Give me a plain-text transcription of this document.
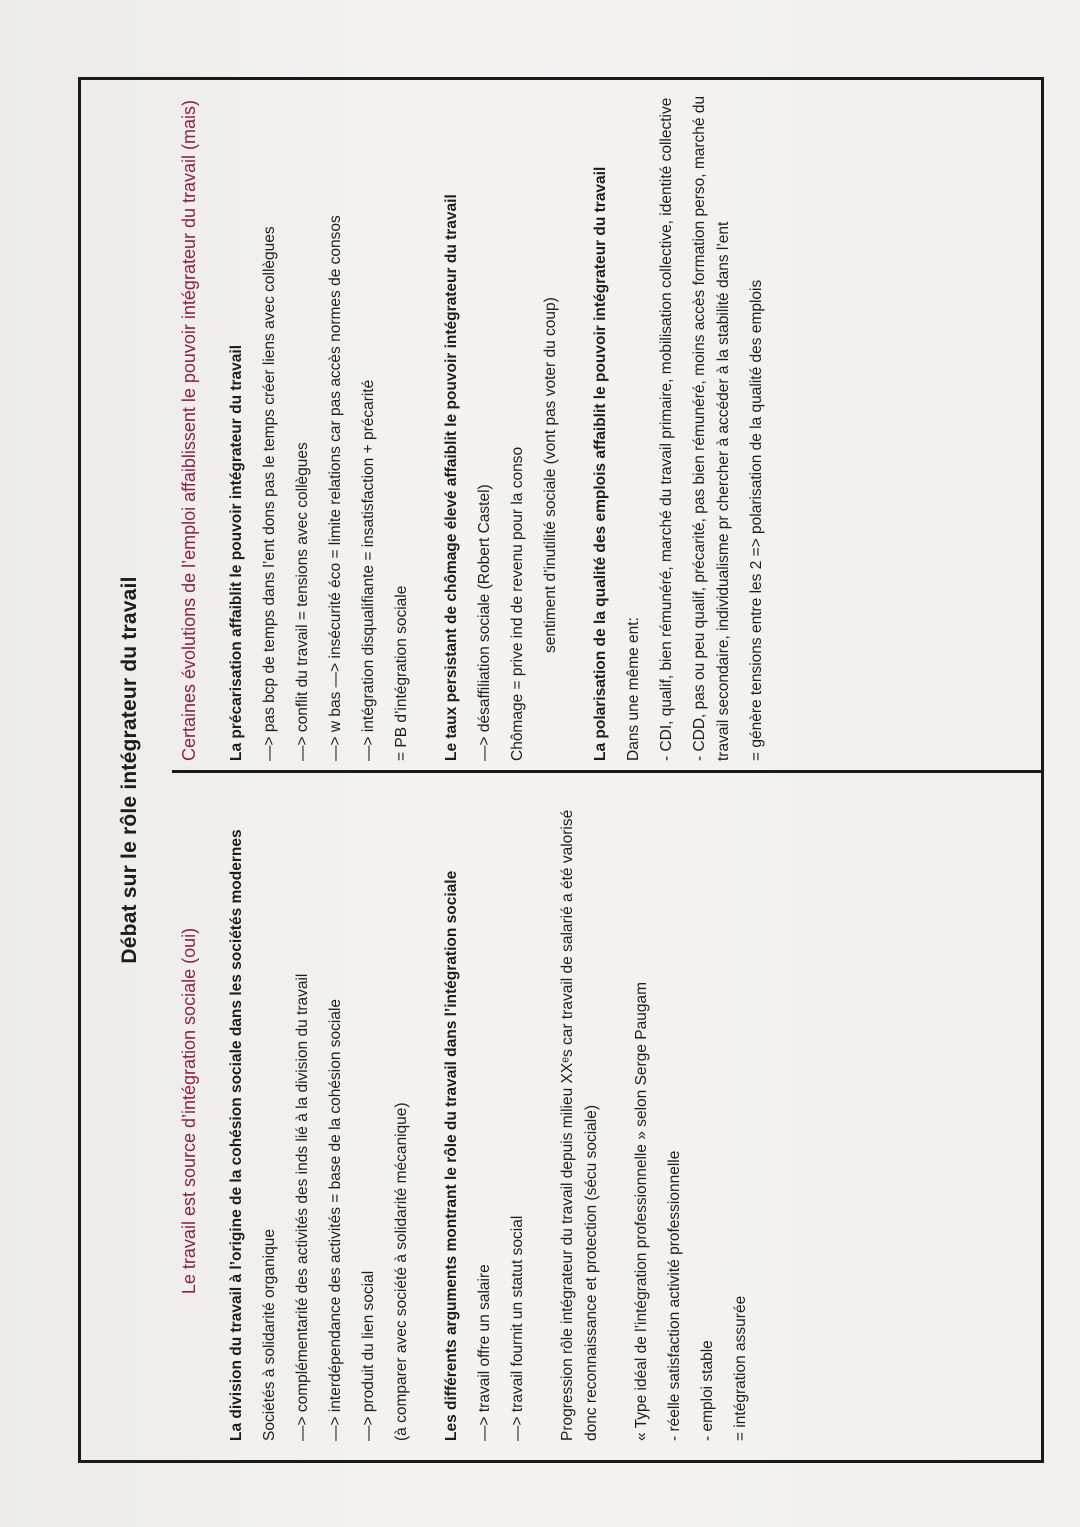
Débat sur le rôle intégrateur du travail

Le travail est source d’intégration sociale (oui) La division du travail à l’origine de la cohésion sociale dans les sociétés modernes Sociétés à solidarité organique —> complémentarité des activités des inds lié à la division du travail —> interdépendance des activités = base de la cohésion sociale —> produit du lien social (à comparer avec société à solidarité mécanique) Les différents arguments montrant le rôle du travail dans l’intégration sociale —> travail offre un salaire —> travail fournit un statut social Progression rôle intégrateur du travail depuis milieu XXᵉs car travail de salarié a été valorisé donc reconnaissance et protection (sécu sociale) « Type idéal de l’intégration professionnelle » selon Serge Paugam - réelle satisfaction activité professionnelle - emploi stable = intégration assurée

Certaines évolutions de l’emploi affaiblissent le pouvoir intégrateur du travail (mais) La précarisation affaiblit le pouvoir intégrateur du travail —> pas bcp de temps dans l’ent dons pas le temps créer liens avec collègues —> conflit du travail = tensions avec collègues —> w bas —> insécurité éco = limite relations car pas accès normes de consos —> intégration disqualifiante = insatisfaction + précarité = PB d’intégration sociale Le taux persistant de chômage élevé affaiblit le pouvoir intégrateur du travail —> désaffiliation sociale (Robert Castel) Chômage = prive ind de revenu pour la conso sentiment d’inutilité sociale (vont pas voter du coup) La polarisation de la qualité des emplois affaiblit le pouvoir intégrateur du travail Dans une même ent: - CDI, qualif, bien rémunéré, marché du travail primaire, mobilisation collective, identité collective - CDD, pas ou peu qualif, précarité, pas bien rémunéré, moins accès formation perso, marché du travail secondaire, individualisme pr chercher à accéder à la stabilité dans l’ent = génère tensions entre les 2 => polarisation de la qualité des emplois
